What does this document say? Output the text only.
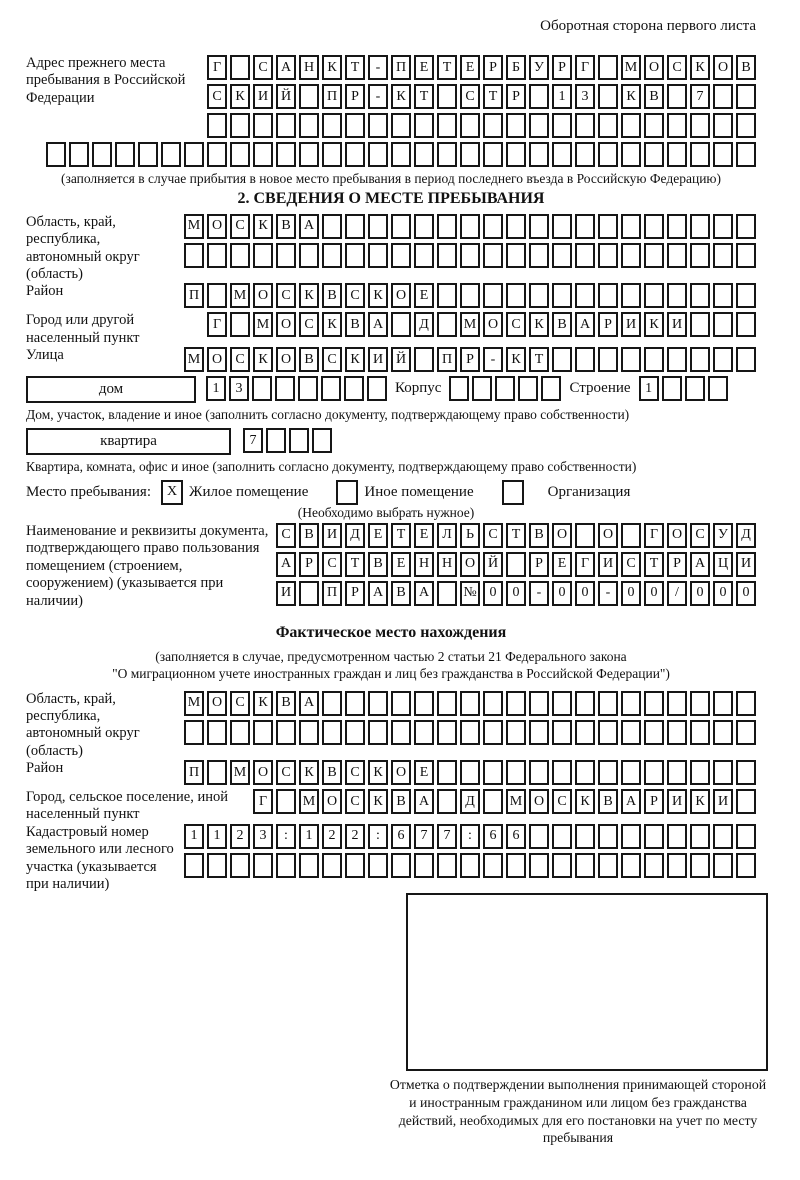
Оборотная сторона первого листа
Адрес прежнего места пребывания в Российской Федерации
Г	С А Н К	Т	-	П Е	Т	Е	Р	Б	У	Р	Г	М О С К О В
С К И Й	П	Р	-	К	Т	С	Т	Р	1	3	К В	7
(заполняется в случае прибытия в новое место пребывания в период последнего въезда в Российскую Федерацию)
2. СВЕДЕНИЯ О МЕСТЕ ПРЕБЫВАНИЯ
Область, край, республика, автономный округ (область)
М О С К В А
Район	П	М О С К В С К О Е
Город или другой населенный пункт
Г	М О С К В А	Д	М О С К В А	Р	И К И
Улица	М О С К О В С К И Й	П	Р	-	К	Т
дом	1	3	Корпус	Строение	1
Дом, участок, владение и иное (заполнить согласно документу, подтверждающему право собственности)
квартира	7
Квартира, комната, офис и иное (заполнить согласно документу, подтверждающему право собственности)
Место пребывания:	X Жилое помещение	Иное помещение	Организация
(Необходимо выбрать нужное)
Наименование и реквизиты документа, подтверждающего право пользования помещением (строением, сооружением) (указывается при наличии)
С В И Д Е	Т	Е Л	Ь	С	Т	В О	О	Г О С У Д
А	Р	С	Т	В	Е Н Н О Й	Р	Е	Г И С	Т	Р	А Ц И
И	П	Р	А В А	№ 0	0	-	0	0	-	0	0	/	0	0	0
Фактическое место нахождения
(заполняется в случае, предусмотренном частью 2 статьи 21 Федерального закона
"О миграционном учете иностранных граждан и лиц без гражданства в Российской Федерации")
Область, край, республика, автономный округ (область)
М О С К В А
Район	П	М О С К В С К О Е
Город, сельское поселение, иной населенный пункт
Г	М О С К В А	Д	М О С К В А	Р	И К И
Кадастровый номер земельного или лесного участка (указывается при наличии)
1	1	2	3	:	1	2	2	:	6	7	7	:	6	6
Отметка о подтверждении выполнения принимающей стороной и иностранным гражданином или лицом без гражданства действий, необходимых для его постановки на учет по месту пребывания
